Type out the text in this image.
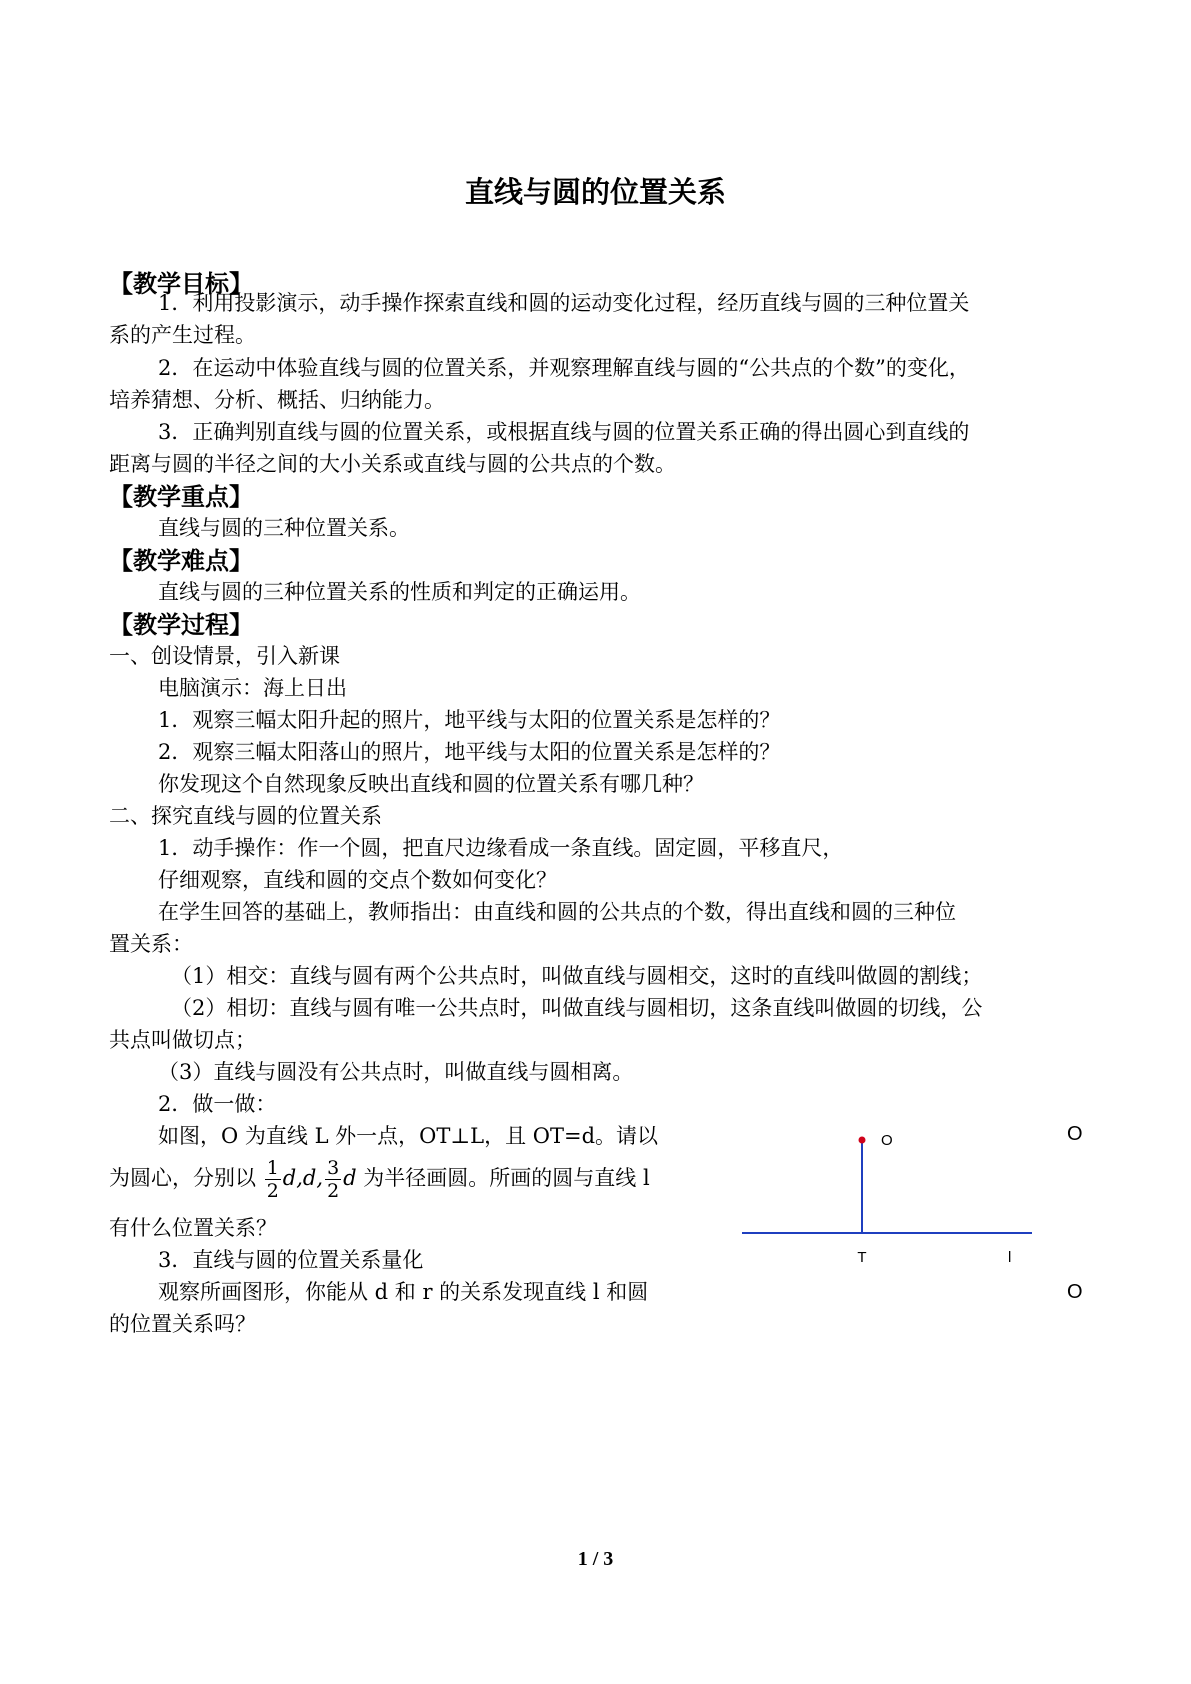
直线与圆的位置关系
【教学目标】
1．利用投影演示，动手操作探索直线和圆的运动变化过程，经历直线与圆的三种位置关
系的产生过程。
2．在运动中体验直线与圆的位置关系，并观察理解直线与圆的“公共点的个数”的变化，
培养猜想、分析、概括、归纳能力。
3．正确判别直线与圆的位置关系，或根据直线与圆的位置关系正确的得出圆心到直线的
距离与圆的半径之间的大小关系或直线与圆的公共点的个数。
【教学重点】
直线与圆的三种位置关系。
【教学难点】
直线与圆的三种位置关系的性质和判定的正确运用。
【教学过程】
一、创设情景，引入新课
电脑演示：海上日出
1．观察三幅太阳升起的照片，地平线与太阳的位置关系是怎样的？
2．观察三幅太阳落山的照片，地平线与太阳的位置关系是怎样的？
你发现这个自然现象反映出直线和圆的位置关系有哪几种？
二、探究直线与圆的位置关系
1．动手操作：作一个圆，把直尺边缘看成一条直线。固定圆，平移直尺，
仔细观察，直线和圆的交点个数如何变化？
在学生回答的基础上，教师指出：由直线和圆的公共点的个数，得出直线和圆的三种位
置关系：
（1）相交：直线与圆有两个公共点时，叫做直线与圆相交，这时的直线叫做圆的割线；
（2）相切：直线与圆有唯一公共点时，叫做直线与圆相切，这条直线叫做圆的切线，公
共点叫做切点；
（3）直线与圆没有公共点时，叫做直线与圆相离。
2．做一做：
如图，O 为直线 L 外一点，OT⊥L，且 OT=d。请以
为圆心，分别以 $\frac{1}{2} d,d$, $\frac{3}{2}$ d 为半径画圆。所画的圆与直线 l
有什么位置关系？
3．直线与圆的位置关系量化
观察所画图形，你能从 d 和 r 的关系发现直线 l 和圆
的位置关系吗？
O
O
O
T	l
1 / 3
